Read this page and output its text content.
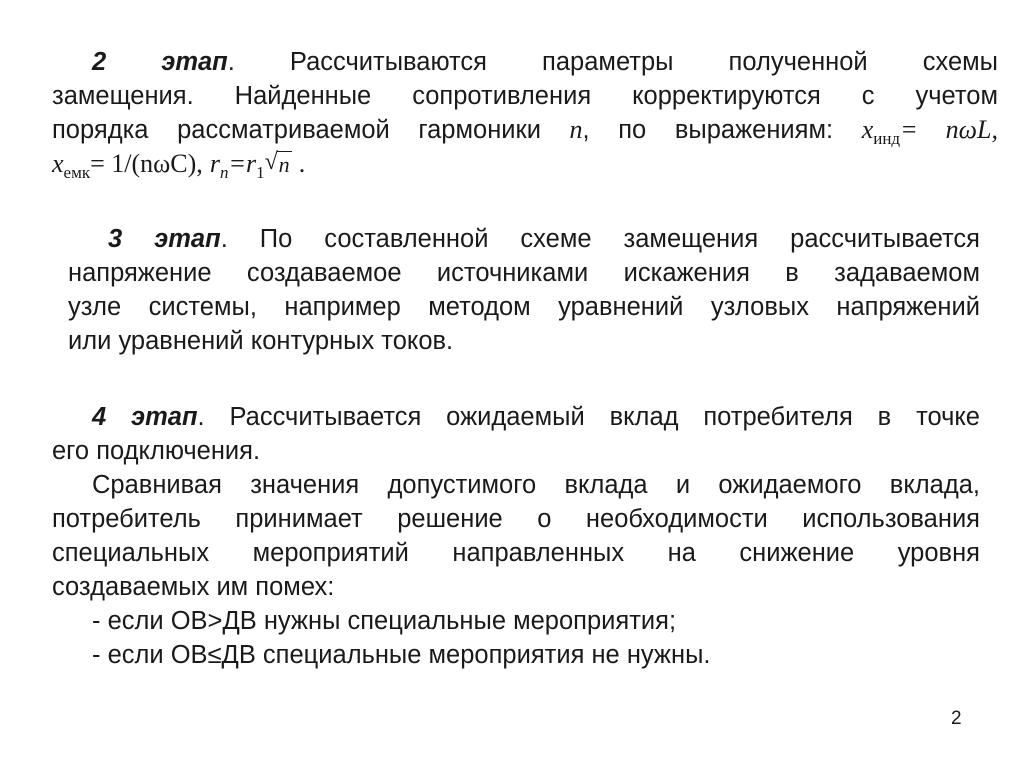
2 этап. Рассчитываются параметры полученной схемы
замещения. Найденные сопротивления корректируются с учетом
порядка рассматриваемой гармоники n, по выражениям: $x_{инд}= n\omega L$,
$x_{емк}= 1/(n\omega C)$, $r_n=r_1$ √ n .
3 этап. По составленной схеме замещения рассчитывается
напряжение создаваемое источниками искажения в задаваемом
узле системы, например методом уравнений узловых напряжений
или уравнений контурных токов.
4 этап. Рассчитывается ожидаемый вклад потребителя в точке
его подключения.
Сравнивая значения допустимого вклада и ожидаемого вклада,
потребитель принимает решение о необходимости использования
специальных мероприятий направленных на снижение уровня
создаваемых им помех:
- если ОВ>ДВ нужны специальные мероприятия;
- если ОВ≤ДВ специальные мероприятия не нужны.
2
